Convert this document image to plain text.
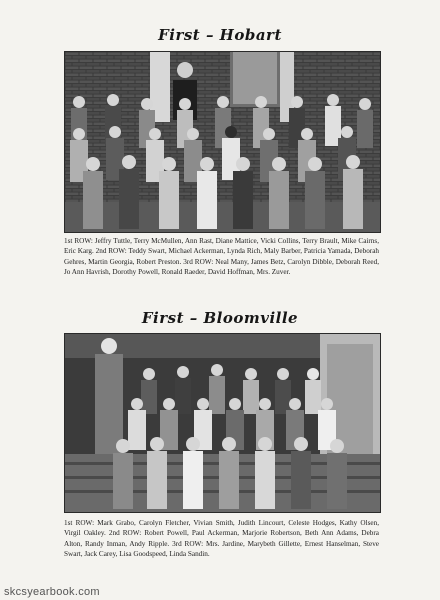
First – Hobart
1st ROW: Jeffry Tuttle, Terry McMullen, Ann Rast, Diane Mattice, Vicki Collins, Terry Brault, Mike Cairns, Eric Karg. 2nd ROW: Teddy Swart, Michael Ackerman, Lynda Rich, Maly Barber, Patricia Yamada, Deborah Gehres, Martin Georgia, Robert Preston. 3rd ROW: Neal Many, James Betz, Carolyn Dibble, Deborah Reed, Jo Ann Havrish, Dorothy Powell, Ronald Raeder, David Hoffman, Mrs. Zuver.
First – Bloomville
1st ROW: Mark Grabo, Carolyn Fletcher, Vivian Smith, Judith Lincourt, Celeste Hodges, Kathy Olsen, Virgil Oakley. 2nd ROW: Robert Powell, Paul Ackerman, Marjorie Robertson, Beth Ann Adams, Debra Alton, Randy Inman, Andy Ripple. 3rd ROW: Mrs. Jardine, Marybeth Gillette, Ernest Hanselman, Steve Swart, Jack Carey, Lisa Goodspeed, Linda Sandin.
skcsyearbook.com
